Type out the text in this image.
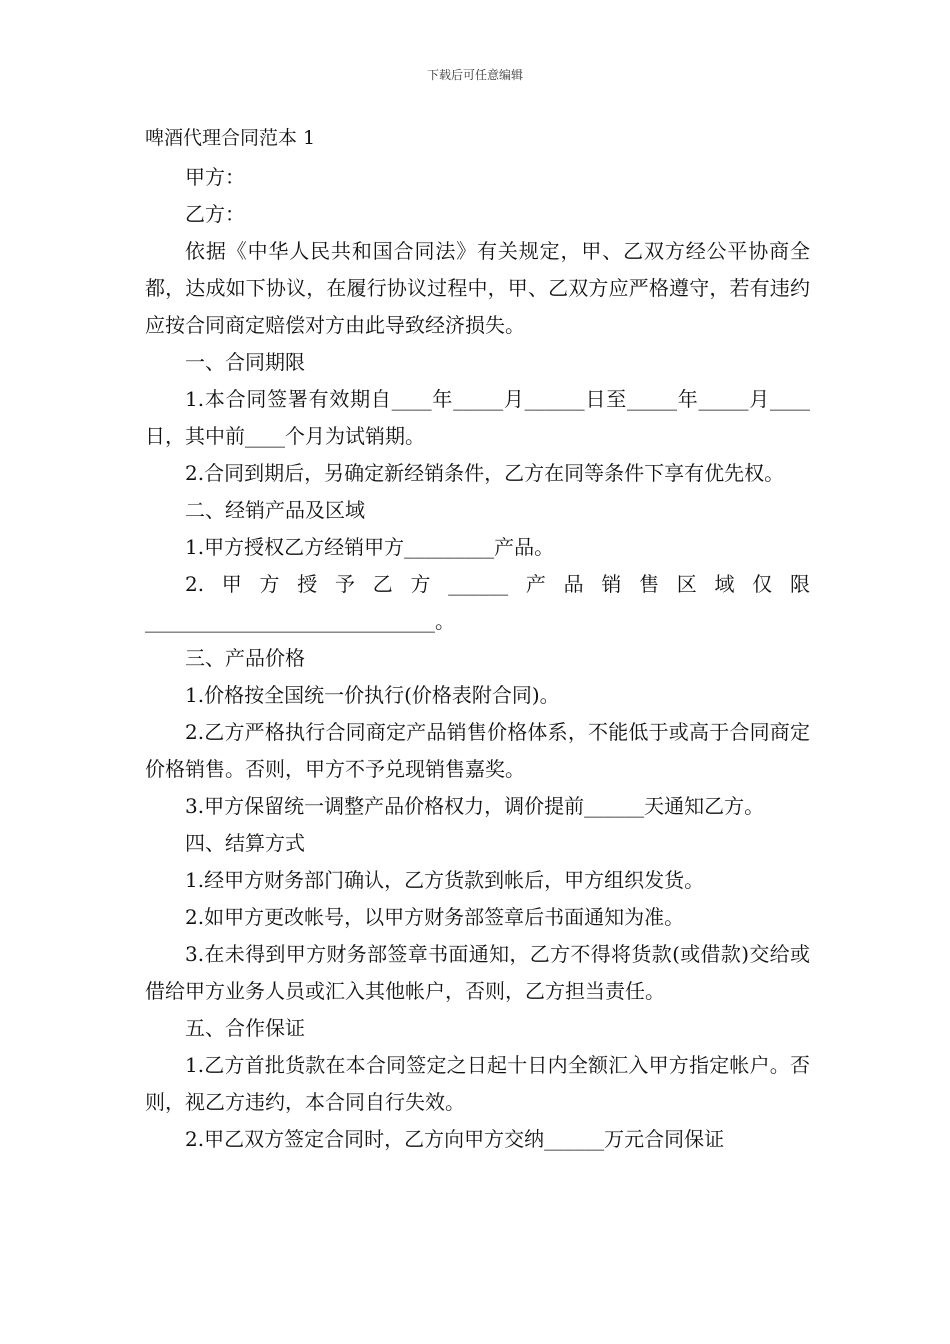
下载后可任意编辑
啤酒代理合同范本 1

甲方：

乙方：

依据《中华人民共和国合同法》有关规定，甲、乙双方经公平协商全都，达成如下协议，在履行协议过程中，甲、乙双方应严格遵守，若有违约应按合同商定赔偿对方由此导致经济损失。

一、合同期限

1.本合同签署有效期自____年_____月______日至_____年_____月____日，其中前____个月为试销期。

2.合同到期后，另确定新经销条件，乙方在同等条件下享有优先权。

二、经销产品及区域

1.甲方授权乙方经销甲方_________产品。

2.甲方授予乙方______产品销售区域仅限_____________________________。

三、产品价格

1.价格按全国统一价执行(价格表附合同)。

2.乙方严格执行合同商定产品销售价格体系，不能低于或高于合同商定价格销售。否则，甲方不予兑现销售嘉奖。

3.甲方保留统一调整产品价格权力，调价提前______天通知乙方。

四、结算方式

1.经甲方财务部门确认，乙方货款到帐后，甲方组织发货。

2.如甲方更改帐号，以甲方财务部签章后书面通知为准。

3.在未得到甲方财务部签章书面通知，乙方不得将货款(或借款)交给或借给甲方业务人员或汇入其他帐户，否则，乙方担当责任。

五、合作保证

1.乙方首批货款在本合同签定之日起十日内全额汇入甲方指定帐户。否则，视乙方违约，本合同自行失效。

2.甲乙双方签定合同时，乙方向甲方交纳______万元合同保证
